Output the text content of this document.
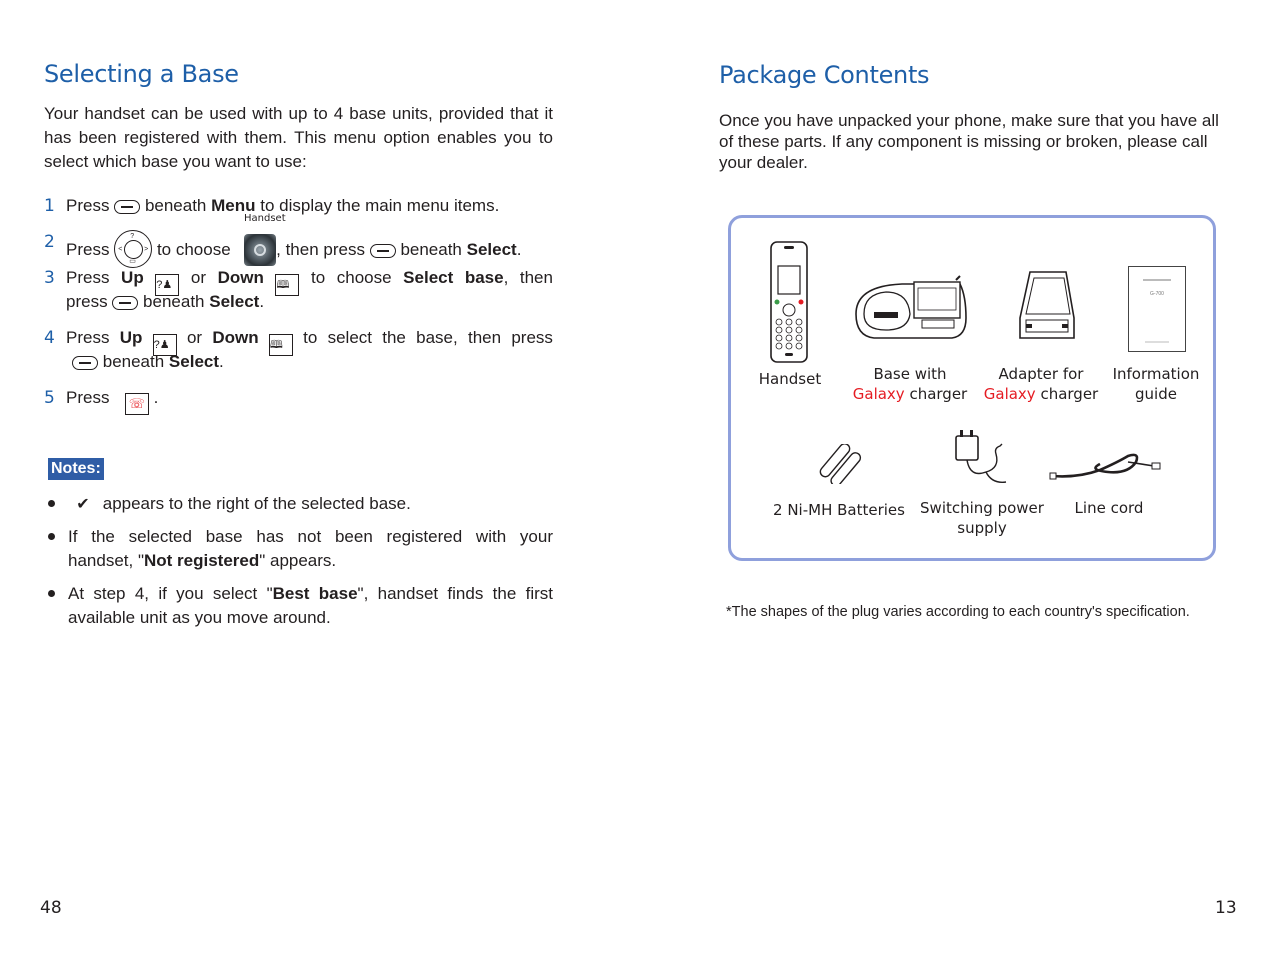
Selecting a Base
Your handset can be used with up to 4 base units, provided that it has been registered with them. This menu option enables you to select which base you want to use:
1 Press beneath Menu to display the main menu items.
Handset
2 Press
?
<	>
▭
to choose	, then press beneath Select.
3 Press Up ?♟ or Down 🕮 to choose Select base, then
press beneath Select.
4 Press Up ?♟ or Down 🕮 to select the base, then press
beneath Select.
5 Press ☏ .
Notes:
✔ appears to the right of the selected base.
If the selected base has not been registered with your
handset, "Not registered" appears.
At step 4, if you select "Best base", handset finds the first
available unit as you move around.
48
Package Contents
Once you have unpacked your phone, make sure that you have all of these parts. If any component is missing or broken, please call your dealer.
G-700
Handset	Base with
Galaxy charger
Adapter for
Galaxy charger
Information
guide
2 Ni-MH Batteries	Switching power
supply
Line cord
*The shapes of the plug varies according to each country's specification.
13
